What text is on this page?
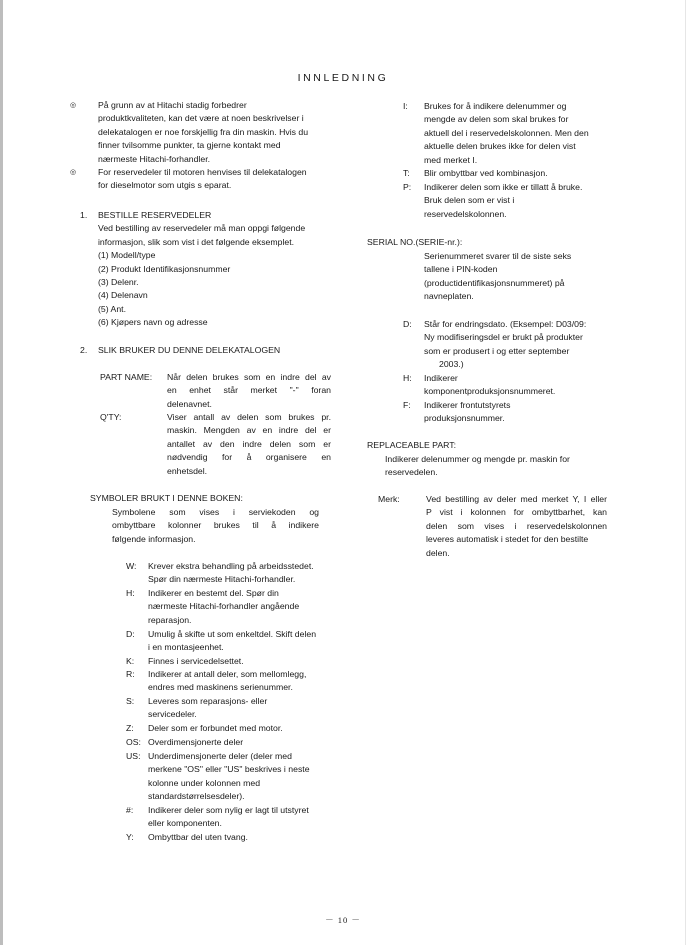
INNLEDNING
◎	På grunn av at Hitachi stadig forbedrer
produktkvaliteten, kan det være at noen beskrivelser i
delekatalogen er noe forskjellig fra din maskin. Hvis du
finner tvilsomme punkter, ta gjerne kontakt med
nærmeste Hitachi-forhandler.
◎	For reservedeler til motoren henvises til delekatalogen
for dieselmotor som utgis s eparat.
1. BESTILLE RESERVEDELER
Ved bestilling av reservedeler må man oppgi følgende
informasjon, slik som vist i det følgende eksemplet.
(1) Modell/type
(2) Produkt Identifikasjonsnummer
(3) Delenr.
(4) Delenavn
(5) Ant.
(6) Kjøpers navn og adresse
2. SLIK BRUKER DU DENNE DELEKATALOGEN
PART NAME: Når delen brukes som en indre del av
en enhet står merket "-" foran
delenavnet.
Q'TY:	Viser antall av delen som brukes pr.
maskin. Mengden av en indre del er
antallet av den indre delen som er
nødvendig for å organisere en
enhetsdel.
SYMBOLER BRUKT I DENNE BOKEN:
Symbolene som vises i serviekoden og
ombyttbare kolonner brukes til å indikere
følgende informasjon.
W: Krever ekstra behandling på arbeidsstedet.
Spør din nærmeste Hitachi-forhandler.
H: Indikerer en bestemt del. Spør din
nærmeste Hitachi-forhandler angående
reparasjon.
D: Umulig å skifte ut som enkeltdel. Skift delen
i en montasjeenhet.
K: Finnes i servicedelsettet.
R: Indikerer at antall deler, som mellomlegg,
endres med maskinens serienummer.
S: Leveres som reparasjons- eller
servicedeler.
Z: Deler som er forbundet med motor.
OS: Overdimensjonerte deler
US: Underdimensjonerte deler (deler med
merkene "OS" eller "US" beskrives i neste
kolonne under kolonnen med
standardstørrelsesdeler).
#: Indikerer deler som nylig er lagt til utstyret
eller komponenten.
Y: Ombyttbar del uten tvang.
I: Brukes for å indikere delenummer og
mengde av delen som skal brukes for
aktuell del i reservedelskolonnen. Men den
aktuelle delen brukes ikke for delen vist
med merket I.
T: Blir ombyttbar ved kombinasjon.
P: Indikerer delen som ikke er tillatt å bruke.
Bruk delen som er vist i
reservedelskolonnen.
SERIAL NO.(SERIE-nr.):
Serienummeret svarer til de siste seks
tallene i PIN-koden
(productidentifikasjonsnummeret) på
navneplaten.
D: Står for endringsdato. (Eksempel: D03/09:
Ny modifiseringsdel er brukt på produkter
som er produsert i og etter september
2003.)
H: Indikerer
komponentproduksjonsnummeret.
F: Indikerer frontutstyrets
produksjonsnummer.
REPLACEABLE PART:
Indikerer delenummer og mengde pr. maskin for
reservedelen.
Merk:	Ved bestilling av deler med merket Y, I eller
P vist i kolonnen for ombyttbarhet, kan
delen som vises i reservedelskolonnen
leveres automatisk i stedet for den bestilte
delen.
－ 10 －
